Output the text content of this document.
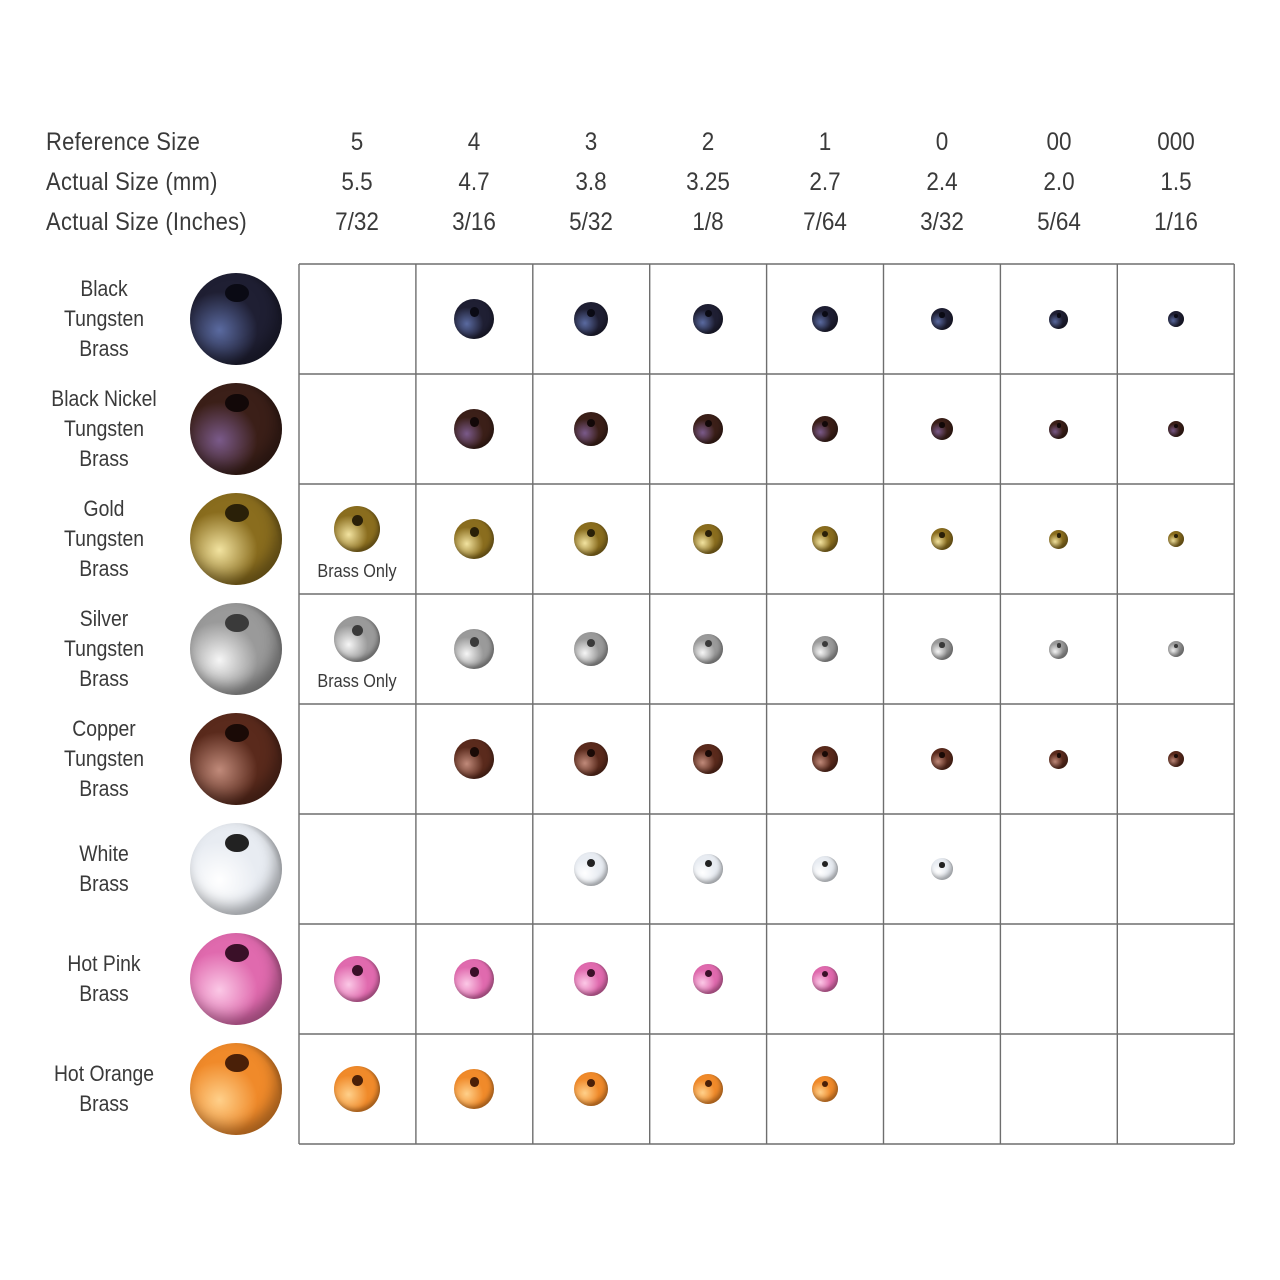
Reference Size
Actual Size (mm)
Actual Size (Inches)
5
5.5
7/32
4
4.7
3/16
3
3.8
5/32
2
3.25
1/8
1
2.7
7/64
0
2.4
3/32
00
2.0
5/64
000
1.5
1/16
Black
Tungsten
Brass
Black Nickel
Tungsten
Brass
Gold
Tungsten
Brass
Silver
Tungsten
Brass
Copper
Tungsten
Brass
White
Brass
Hot Pink
Brass
Hot Orange
Brass
Brass Only
Brass Only
